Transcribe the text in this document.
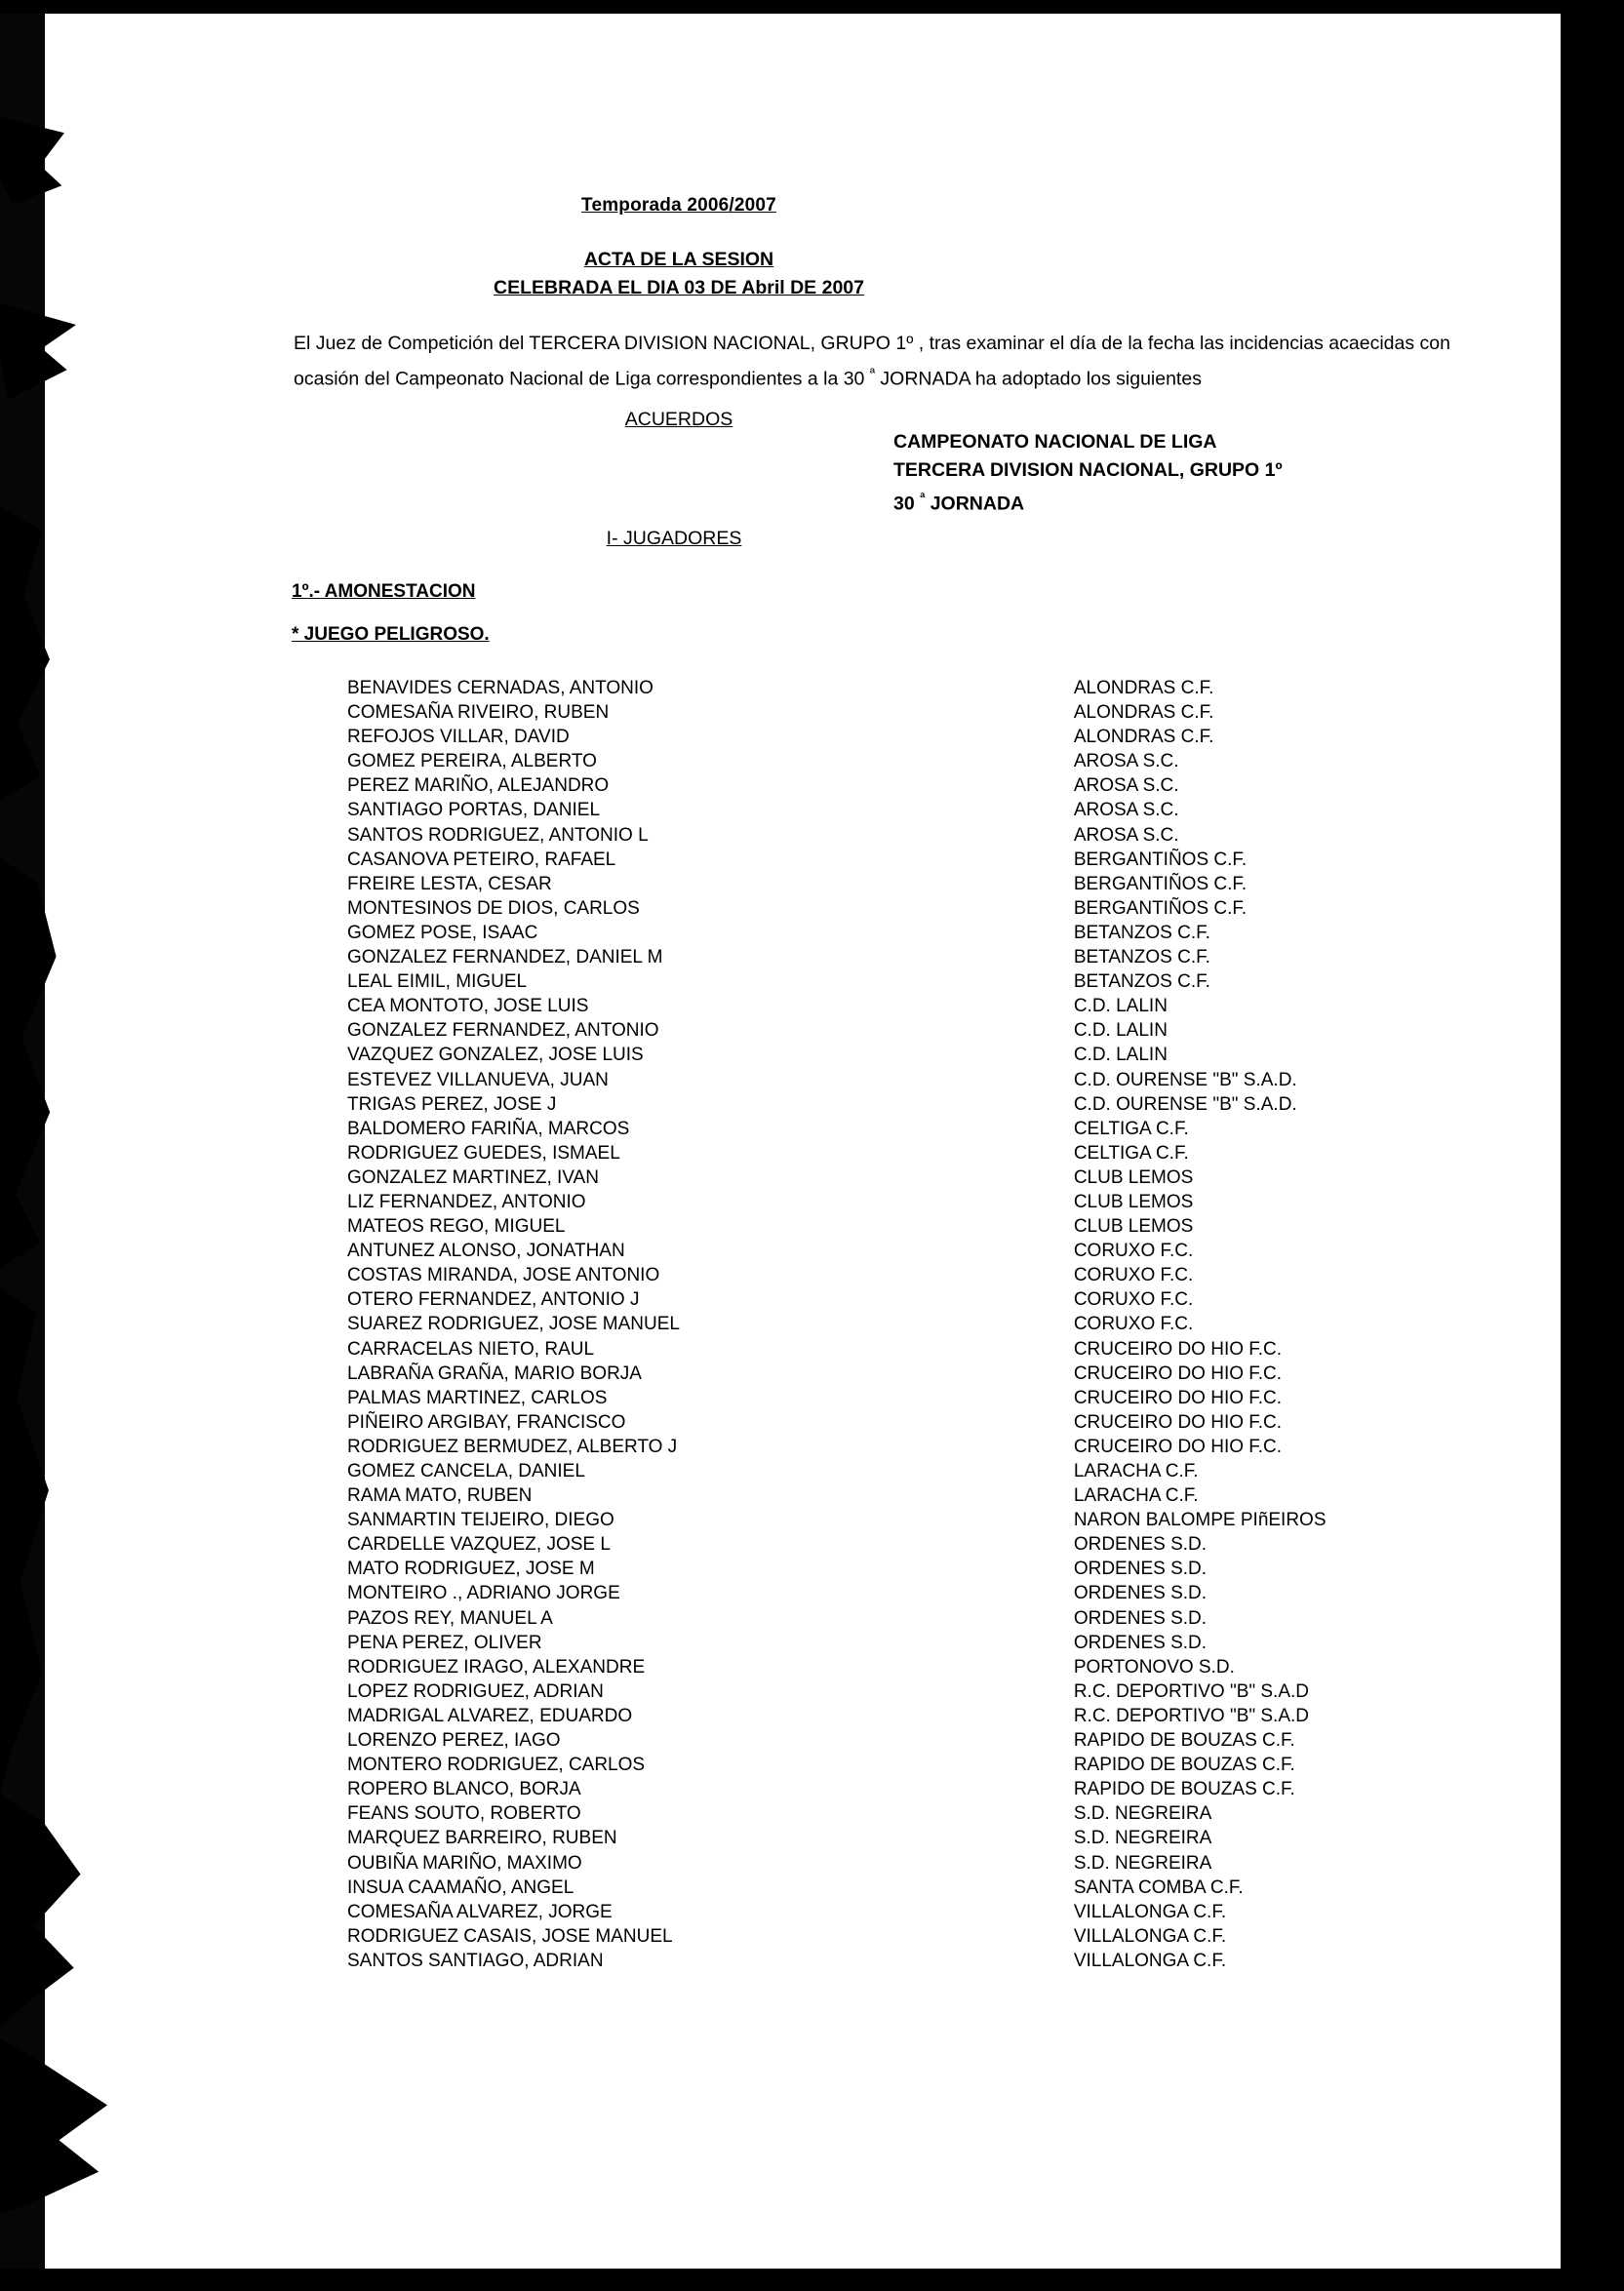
Temporada 2006/2007
ACTA DE LA SESION
CELEBRADA EL DIA 03 DE Abril DE 2007
El Juez de Competición del TERCERA DIVISION NACIONAL, GRUPO 1º , tras examinar el día de la fecha las incidencias acaecidas con ocasión del Campeonato Nacional de Liga correspondientes a la 30 $^ª$ JORNADA ha adoptado los siguientes
ACUERDOS
CAMPEONATO NACIONAL DE LIGA
TERCERA DIVISION NACIONAL, GRUPO 1º
30 $^ª$ JORNADA
I- JUGADORES
1º.- AMONESTACION
* JUEGO PELIGROSO.
BENAVIDES CERNADAS, ANTONIO	ALONDRAS C.F.
COMESAÑA RIVEIRO, RUBEN	ALONDRAS C.F.
REFOJOS VILLAR, DAVID	ALONDRAS C.F.
GOMEZ PEREIRA, ALBERTO	AROSA S.C.
PEREZ MARIÑO, ALEJANDRO	AROSA S.C.
SANTIAGO PORTAS, DANIEL	AROSA S.C.
SANTOS RODRIGUEZ, ANTONIO L	AROSA S.C.
CASANOVA PETEIRO, RAFAEL	BERGANTIÑOS C.F.
FREIRE LESTA, CESAR	BERGANTIÑOS C.F.
MONTESINOS DE DIOS, CARLOS	BERGANTIÑOS C.F.
GOMEZ POSE, ISAAC	BETANZOS C.F.
GONZALEZ FERNANDEZ, DANIEL M	BETANZOS C.F.
LEAL EIMIL, MIGUEL	BETANZOS C.F.
CEA MONTOTO, JOSE LUIS	C.D. LALIN
GONZALEZ FERNANDEZ, ANTONIO	C.D. LALIN
VAZQUEZ GONZALEZ, JOSE LUIS	C.D. LALIN
ESTEVEZ VILLANUEVA, JUAN	C.D. OURENSE "B" S.A.D.
TRIGAS PEREZ, JOSE J	C.D. OURENSE "B" S.A.D.
BALDOMERO FARIÑA, MARCOS	CELTIGA C.F.
RODRIGUEZ GUEDES, ISMAEL	CELTIGA C.F.
GONZALEZ MARTINEZ, IVAN	CLUB LEMOS
LIZ FERNANDEZ, ANTONIO	CLUB LEMOS
MATEOS REGO, MIGUEL	CLUB LEMOS
ANTUNEZ ALONSO, JONATHAN	CORUXO F.C.
COSTAS MIRANDA, JOSE ANTONIO	CORUXO F.C.
OTERO FERNANDEZ, ANTONIO J	CORUXO F.C.
SUAREZ RODRIGUEZ, JOSE MANUEL	CORUXO F.C.
CARRACELAS NIETO, RAUL	CRUCEIRO DO HIO F.C.
LABRAÑA GRAÑA, MARIO BORJA	CRUCEIRO DO HIO F.C.
PALMAS MARTINEZ, CARLOS	CRUCEIRO DO HIO F.C.
PIÑEIRO ARGIBAY, FRANCISCO	CRUCEIRO DO HIO F.C.
RODRIGUEZ BERMUDEZ, ALBERTO J	CRUCEIRO DO HIO F.C.
GOMEZ CANCELA, DANIEL	LARACHA C.F.
RAMA MATO, RUBEN	LARACHA C.F.
SANMARTIN TEIJEIRO, DIEGO	NARON BALOMPE PIñEIROS
CARDELLE VAZQUEZ, JOSE L	ORDENES S.D.
MATO RODRIGUEZ, JOSE M	ORDENES S.D.
MONTEIRO ., ADRIANO JORGE	ORDENES S.D.
PAZOS REY, MANUEL A	ORDENES S.D.
PENA PEREZ, OLIVER	ORDENES S.D.
RODRIGUEZ IRAGO, ALEXANDRE	PORTONOVO S.D.
LOPEZ RODRIGUEZ, ADRIAN	R.C. DEPORTIVO "B" S.A.D
MADRIGAL ALVAREZ, EDUARDO	R.C. DEPORTIVO "B" S.A.D
LORENZO PEREZ, IAGO	RAPIDO DE BOUZAS C.F.
MONTERO RODRIGUEZ, CARLOS	RAPIDO DE BOUZAS C.F.
ROPERO BLANCO, BORJA	RAPIDO DE BOUZAS C.F.
FEANS SOUTO, ROBERTO	S.D. NEGREIRA
MARQUEZ BARREIRO, RUBEN	S.D. NEGREIRA
OUBIÑA MARIÑO, MAXIMO	S.D. NEGREIRA
INSUA CAAMAÑO, ANGEL	SANTA COMBA C.F.
COMESAÑA ALVAREZ, JORGE	VILLALONGA C.F.
RODRIGUEZ CASAIS, JOSE MANUEL	VILLALONGA C.F.
SANTOS SANTIAGO, ADRIAN	VILLALONGA C.F.
